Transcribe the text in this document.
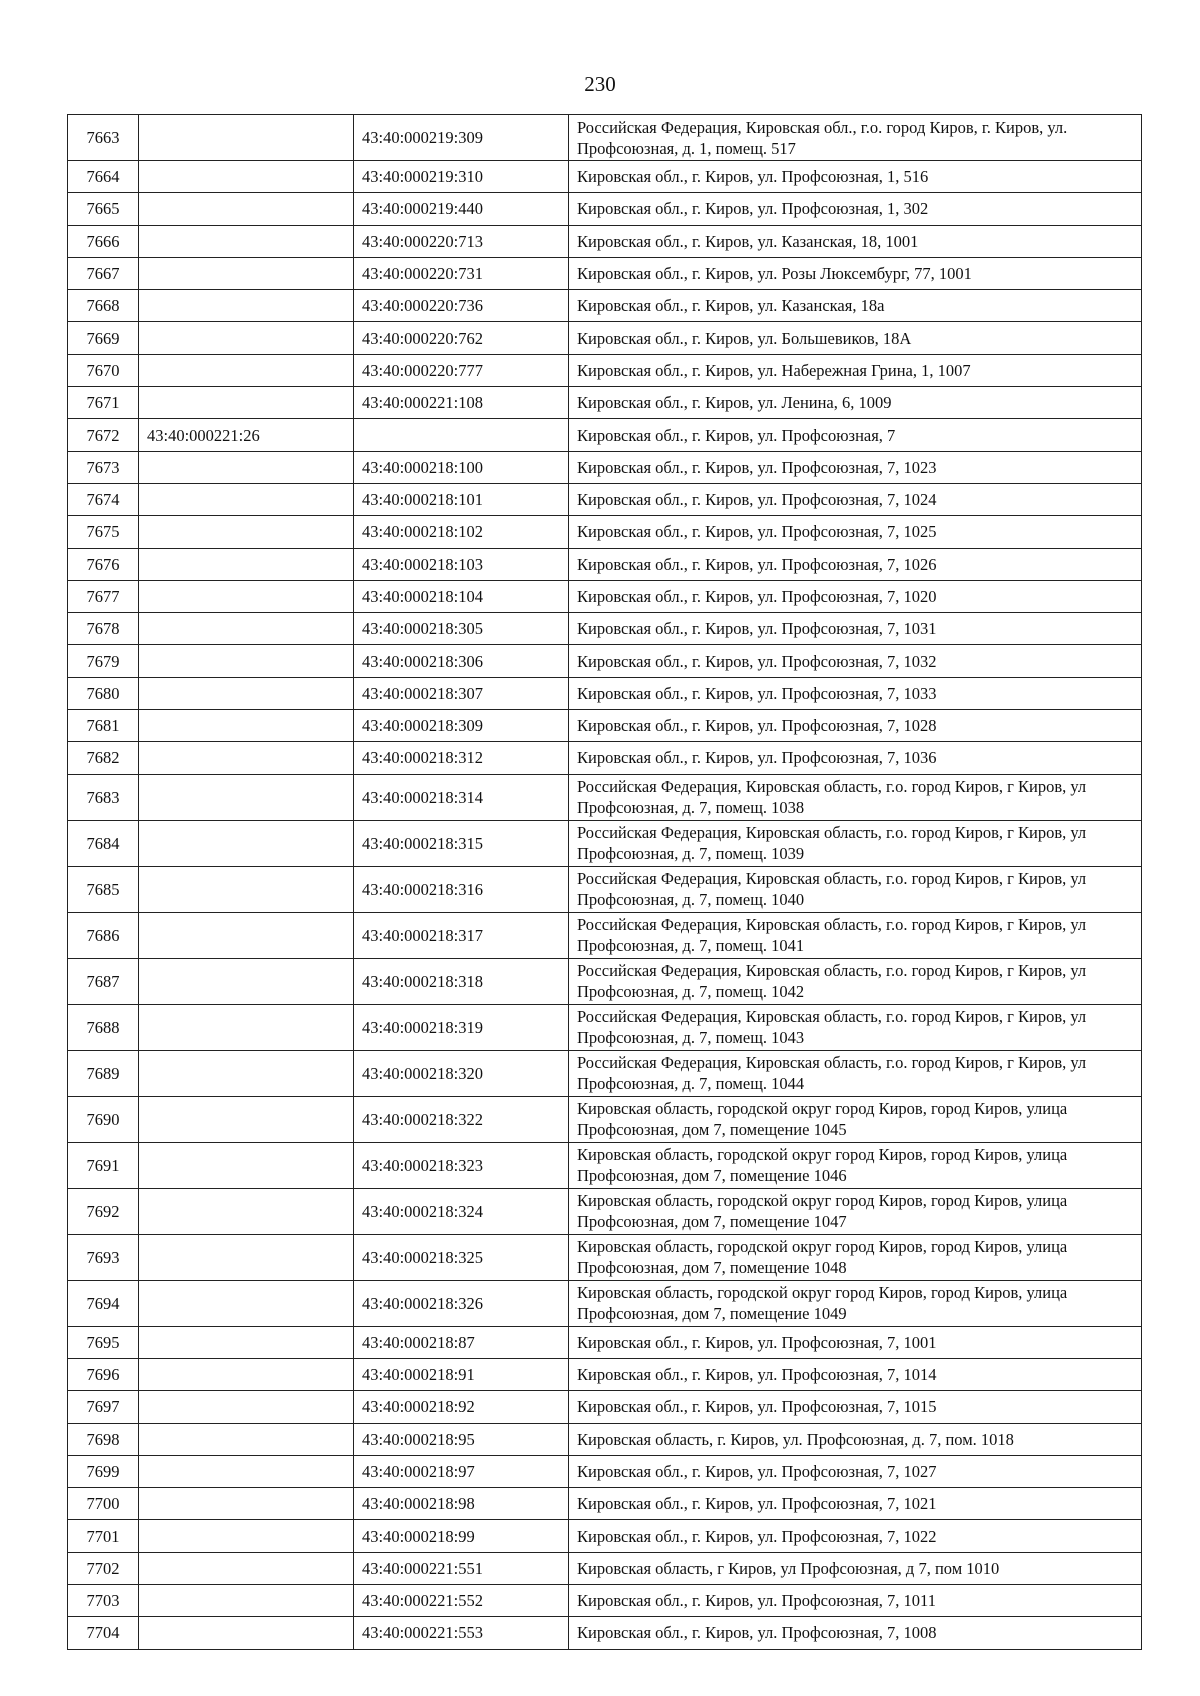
230
7663		43:40:000219:309	Российская Федерация, Кировская обл., г.о. город Киров, г. Киров, ул. Профсоюзная, д. 1, помещ. 517
7664		43:40:000219:310	Кировская обл., г. Киров, ул. Профсоюзная, 1, 516
7665		43:40:000219:440	Кировская обл., г. Киров, ул. Профсоюзная, 1, 302
7666		43:40:000220:713	Кировская обл., г. Киров, ул. Казанская, 18, 1001
7667		43:40:000220:731	Кировская обл., г. Киров, ул. Розы Люксембург, 77, 1001
7668		43:40:000220:736	Кировская обл., г. Киров, ул. Казанская, 18а
7669		43:40:000220:762	Кировская обл., г. Киров, ул. Большевиков, 18А
7670		43:40:000220:777	Кировская обл., г. Киров, ул. Набережная Грина, 1, 1007
7671		43:40:000221:108	Кировская обл., г. Киров, ул. Ленина, 6, 1009
7672	43:40:000221:26		Кировская обл., г. Киров, ул. Профсоюзная, 7
7673		43:40:000218:100	Кировская обл., г. Киров, ул. Профсоюзная, 7, 1023
7674		43:40:000218:101	Кировская обл., г. Киров, ул. Профсоюзная, 7, 1024
7675		43:40:000218:102	Кировская обл., г. Киров, ул. Профсоюзная, 7, 1025
7676		43:40:000218:103	Кировская обл., г. Киров, ул. Профсоюзная, 7, 1026
7677		43:40:000218:104	Кировская обл., г. Киров, ул. Профсоюзная, 7, 1020
7678		43:40:000218:305	Кировская обл., г. Киров, ул. Профсоюзная, 7, 1031
7679		43:40:000218:306	Кировская обл., г. Киров, ул. Профсоюзная, 7, 1032
7680		43:40:000218:307	Кировская обл., г. Киров, ул. Профсоюзная, 7, 1033
7681		43:40:000218:309	Кировская обл., г. Киров, ул. Профсоюзная, 7, 1028
7682		43:40:000218:312	Кировская обл., г. Киров, ул. Профсоюзная, 7, 1036
7683		43:40:000218:314	Российская Федерация, Кировская область, г.о. город Киров, г Киров, ул Профсоюзная, д. 7, помещ. 1038
7684		43:40:000218:315	Российская Федерация, Кировская область, г.о. город Киров, г Киров, ул Профсоюзная, д. 7, помещ. 1039
7685		43:40:000218:316	Российская Федерация, Кировская область, г.о. город Киров, г Киров, ул Профсоюзная, д. 7, помещ. 1040
7686		43:40:000218:317	Российская Федерация, Кировская область, г.о. город Киров, г Киров, ул Профсоюзная, д. 7, помещ. 1041
7687		43:40:000218:318	Российская Федерация, Кировская область, г.о. город Киров, г Киров, ул Профсоюзная, д. 7, помещ. 1042
7688		43:40:000218:319	Российская Федерация, Кировская область, г.о. город Киров, г Киров, ул Профсоюзная, д. 7, помещ. 1043
7689		43:40:000218:320	Российская Федерация, Кировская область, г.о. город Киров, г Киров, ул Профсоюзная, д. 7, помещ. 1044
7690		43:40:000218:322	Кировская область, городской округ город Киров, город Киров, улица Профсоюзная, дом 7, помещение 1045
7691		43:40:000218:323	Кировская область, городской округ город Киров, город Киров, улица Профсоюзная, дом 7, помещение 1046
7692		43:40:000218:324	Кировская область, городской округ город Киров, город Киров, улица Профсоюзная, дом 7, помещение 1047
7693		43:40:000218:325	Кировская область, городской округ город Киров, город Киров, улица Профсоюзная, дом 7, помещение 1048
7694		43:40:000218:326	Кировская область, городской округ город Киров, город Киров, улица Профсоюзная, дом 7, помещение 1049
7695		43:40:000218:87	Кировская обл., г. Киров, ул. Профсоюзная, 7, 1001
7696		43:40:000218:91	Кировская обл., г. Киров, ул. Профсоюзная, 7, 1014
7697		43:40:000218:92	Кировская обл., г. Киров, ул. Профсоюзная, 7, 1015
7698		43:40:000218:95	Кировская область, г. Киров, ул. Профсоюзная, д. 7, пом. 1018
7699		43:40:000218:97	Кировская обл., г. Киров, ул. Профсоюзная, 7, 1027
7700		43:40:000218:98	Кировская обл., г. Киров, ул. Профсоюзная, 7, 1021
7701		43:40:000218:99	Кировская обл., г. Киров, ул. Профсоюзная, 7, 1022
7702		43:40:000221:551	Кировская область, г Киров, ул Профсоюзная, д 7, пом 1010
7703		43:40:000221:552	Кировская обл., г. Киров, ул. Профсоюзная, 7, 1011
7704		43:40:000221:553	Кировская обл., г. Киров, ул. Профсоюзная, 7, 1008
